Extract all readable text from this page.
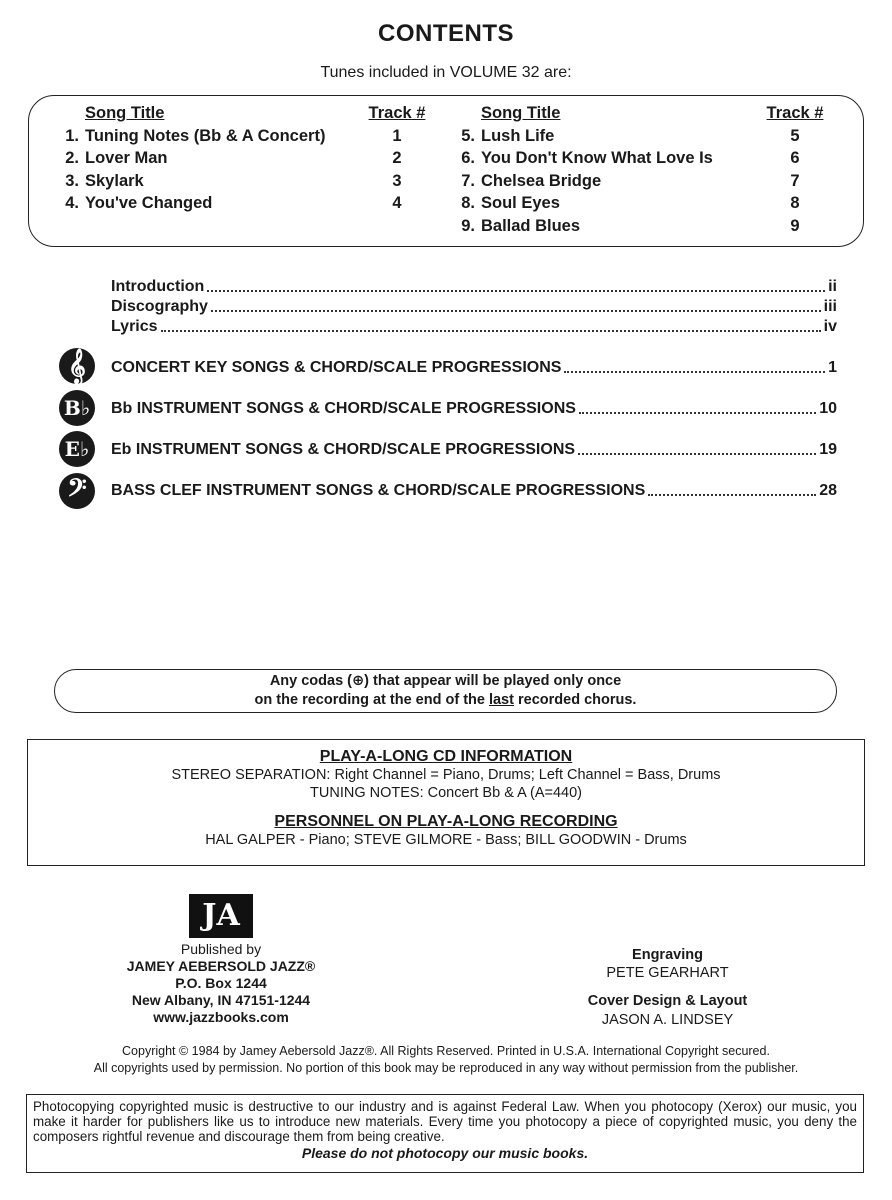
CONTENTS
Tunes included in VOLUME 32 are:
Song Title	Track #
1. Tuning Notes (Bb & A Concert)	1
2. Lover Man	2
3. Skylark	3
4. You've Changed	4
Song Title	Track #
5. Lush Life	5
6. You Don't Know What Love Is	6
7. Chelsea Bridge	7
8. Soul Eyes	8
9. Ballad Blues	9
Introduction	ii
Discography	iii
Lyrics	iv
𝄞	CONCERT KEY SONGS & CHORD/SCALE PROGRESSIONS	1
B♭	Bb INSTRUMENT SONGS & CHORD/SCALE PROGRESSIONS	10
E♭	Eb INSTRUMENT SONGS & CHORD/SCALE PROGRESSIONS	19
𝄢	BASS CLEF INSTRUMENT SONGS & CHORD/SCALE PROGRESSIONS	28
Any codas (⊕) that appear will be played only once
on the recording at the end of the last recorded chorus.
PLAY-A-LONG CD INFORMATION
STEREO SEPARATION: Right Channel = Piano, Drums; Left Channel = Bass, Drums
TUNING NOTES: Concert Bb & A (A=440)
PERSONNEL ON PLAY-A-LONG RECORDING
HAL GALPER - Piano; STEVE GILMORE - Bass; BILL GOODWIN - Drums
JA
Published by
JAMEY AEBERSOLD JAZZ®
P.O. Box 1244
New Albany, IN 47151-1244
www.jazzbooks.com
Engraving
PETE GEARHART
Cover Design & Layout
JASON A. LINDSEY
Copyright © 1984 by Jamey Aebersold Jazz®. All Rights Reserved. Printed in U.S.A. International Copyright secured.
All copyrights used by permission. No portion of this book may be reproduced in any way without permission from the publisher.
Photocopying copyrighted music is destructive to our industry and is against Federal Law. When you photocopy (Xerox) our music, you make it harder for publishers like us to introduce new materials. Every time you photocopy a piece of copyrighted music, you deny the composers rightful revenue and discourage them from being creative.
Please do not photocopy our music books.
